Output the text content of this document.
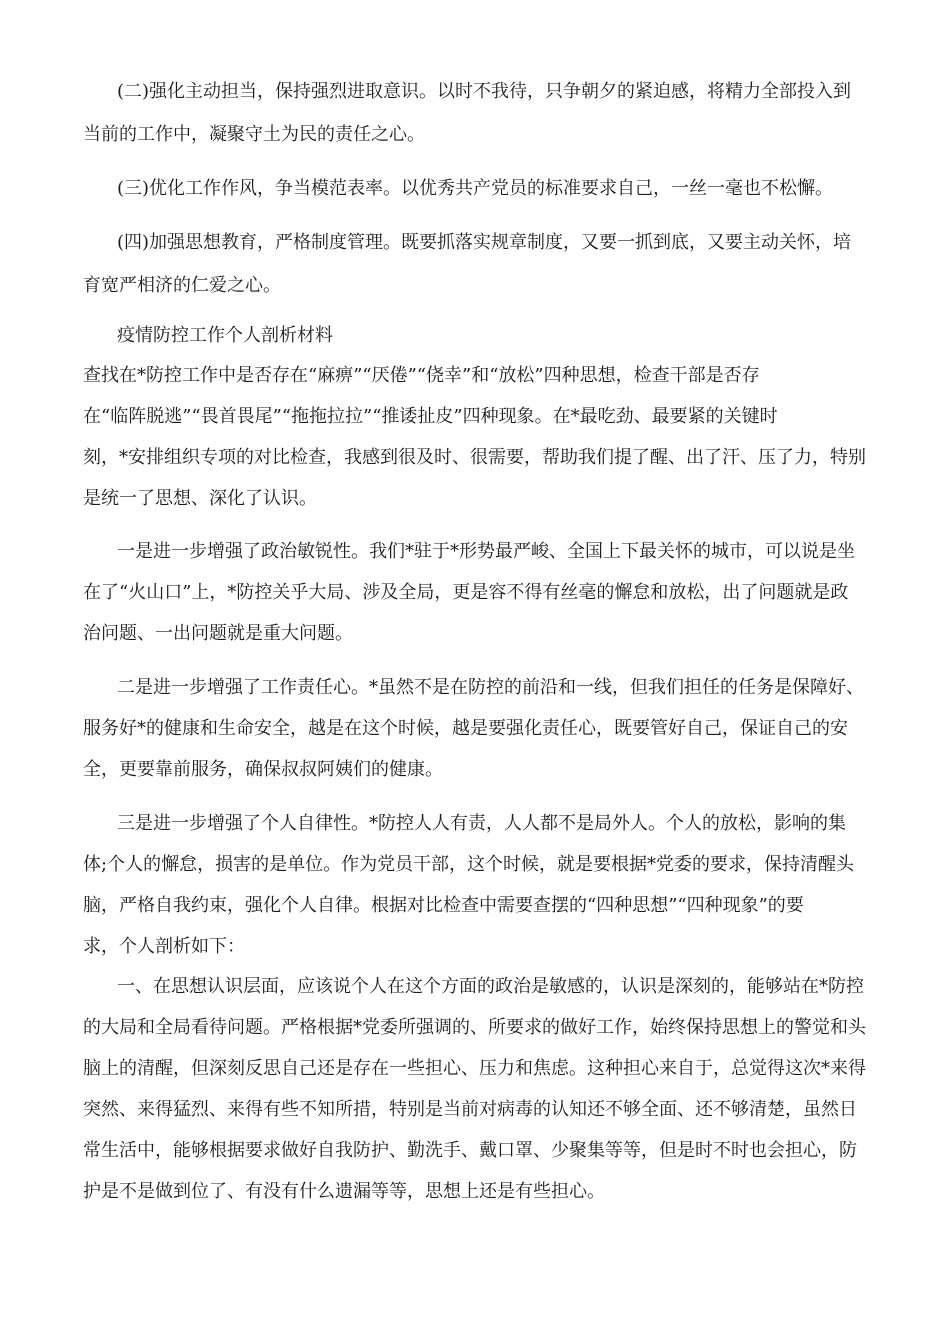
(二)强化主动担当，保持强烈进取意识。以时不我待，只争朝夕的紧迫感，将精力全部投入到
当前的工作中，凝聚守土为民的责任之心。
(三)优化工作作风，争当模范表率。以优秀共产党员的标准要求自己，一丝一毫也不松懈。
(四)加强思想教育，严格制度管理。既要抓落实规章制度，又要一抓到底，又要主动关怀，培
育宽严相济的仁爱之心。
疫情防控工作个人剖析材料
查找在*防控工作中是否存在“麻痹”“厌倦”“侥幸”和“放松”四种思想，检查干部是否存
在“临阵脱逃”“畏首畏尾”“拖拖拉拉”“推诿扯皮”四种现象。在*最吃劲、最要紧的关键时
刻，*安排组织专项的对比检查，我感到很及时、很需要，帮助我们提了醒、出了汗、压了力，特别
是统一了思想、深化了认识。
一是进一步增强了政治敏锐性。我们*驻于*形势最严峻、全国上下最关怀的城市，可以说是坐
在了“火山口”上，*防控关乎大局、涉及全局，更是容不得有丝毫的懈怠和放松，出了问题就是政
治问题、一出问题就是重大问题。
二是进一步增强了工作责任心。*虽然不是在防控的前沿和一线，但我们担任的任务是保障好、
服务好*的健康和生命安全，越是在这个时候，越是要强化责任心，既要管好自己，保证自己的安
全，更要靠前服务，确保叔叔阿姨们的健康。
三是进一步增强了个人自律性。*防控人人有责，人人都不是局外人。个人的放松，影响的集
体;个人的懈怠，损害的是单位。作为党员干部，这个时候，就是要根据*党委的要求，保持清醒头
脑，严格自我约束，强化个人自律。根据对比检查中需要查摆的“四种思想”“四种现象”的要
求，个人剖析如下：
一、在思想认识层面，应该说个人在这个方面的政治是敏感的，认识是深刻的，能够站在*防控
的大局和全局看待问题。严格根据*党委所强调的、所要求的做好工作，始终保持思想上的警觉和头
脑上的清醒，但深刻反思自己还是存在一些担心、压力和焦虑。这种担心来自于，总觉得这次*来得
突然、来得猛烈、来得有些不知所措，特别是当前对病毒的认知还不够全面、还不够清楚，虽然日
常生活中，能够根据要求做好自我防护、勤洗手、戴口罩、少聚集等等，但是时不时也会担心，防
护是不是做到位了、有没有什么遗漏等等，思想上还是有些担心。
